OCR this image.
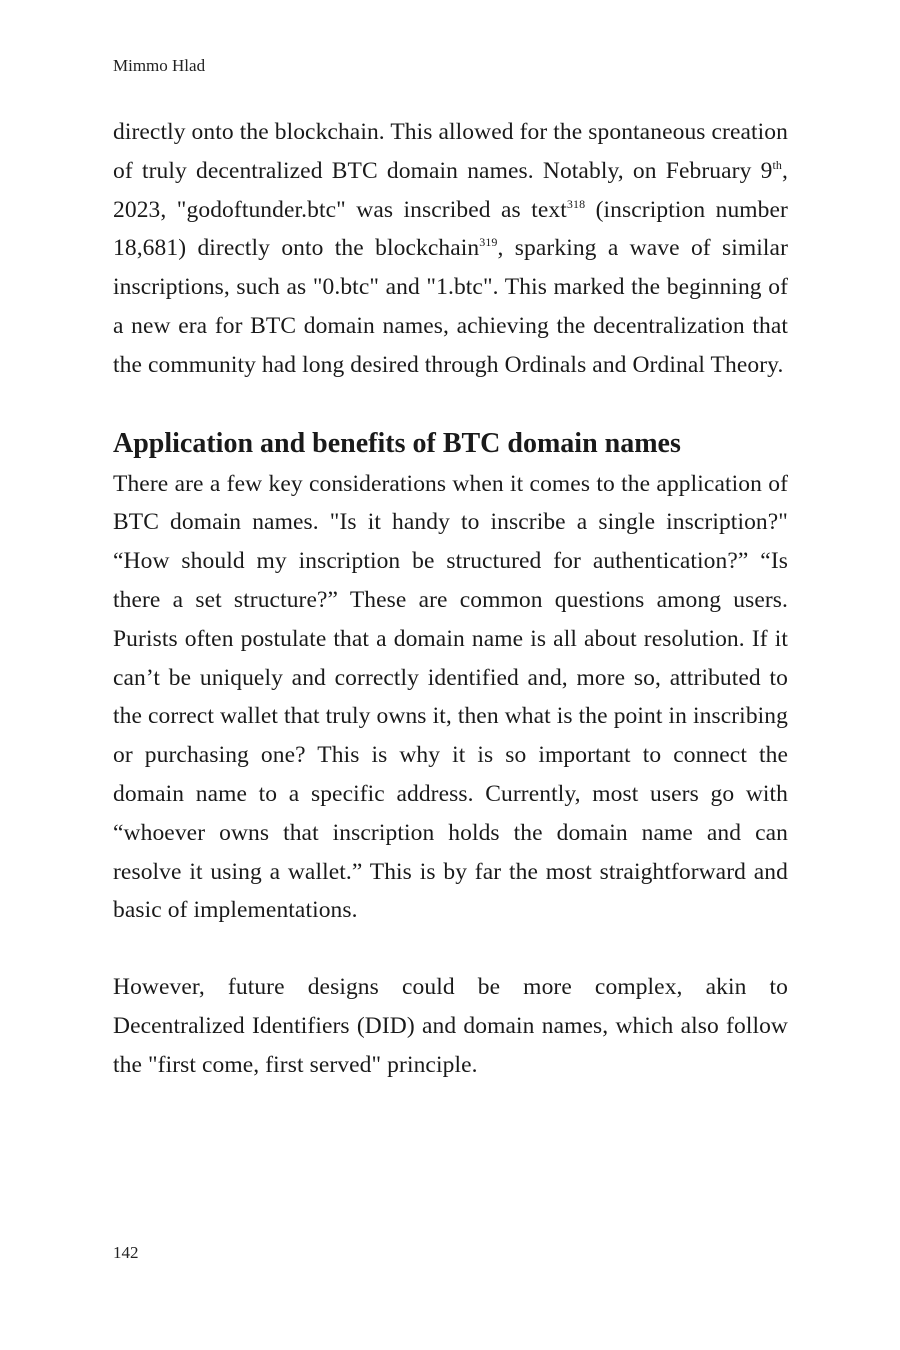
Mimmo Hlad

directly onto the blockchain. This allowed for the spontaneous creation of truly decentralized BTC domain names. Notably, on February 9th, 2023, "godoftunder.btc" was inscribed as text$^{318}$ (inscription number 18,681) directly onto the blockchain$^{319}$, sparking a wave of similar inscriptions, such as "0.btc" and "1.btc". This marked the beginning of a new era for BTC domain names, achieving the decentralization that the community had long desired through Ordinals and Ordinal Theory.

Application and benefits of BTC domain names

There are a few key considerations when it comes to the application of BTC domain names. "Is it handy to inscribe a single inscription?" “How should my inscription be structured for authentication?” “Is there a set structure?” These are common questions among users. Purists often postulate that a domain name is all about resolution. If it can’t be uniquely and correctly identified and, more so, attributed to the correct wallet that truly owns it, then what is the point in inscribing or purchasing one? This is why it is so important to connect the domain name to a specific address. Currently, most users go with “whoever owns that inscription holds the domain name and can resolve it using a wallet.” This is by far the most straightforward and basic of implementations.

However, future designs could be more complex, akin to Decentralized Identifiers (DID) and domain names, which also follow the "first come, first served" principle.

142
